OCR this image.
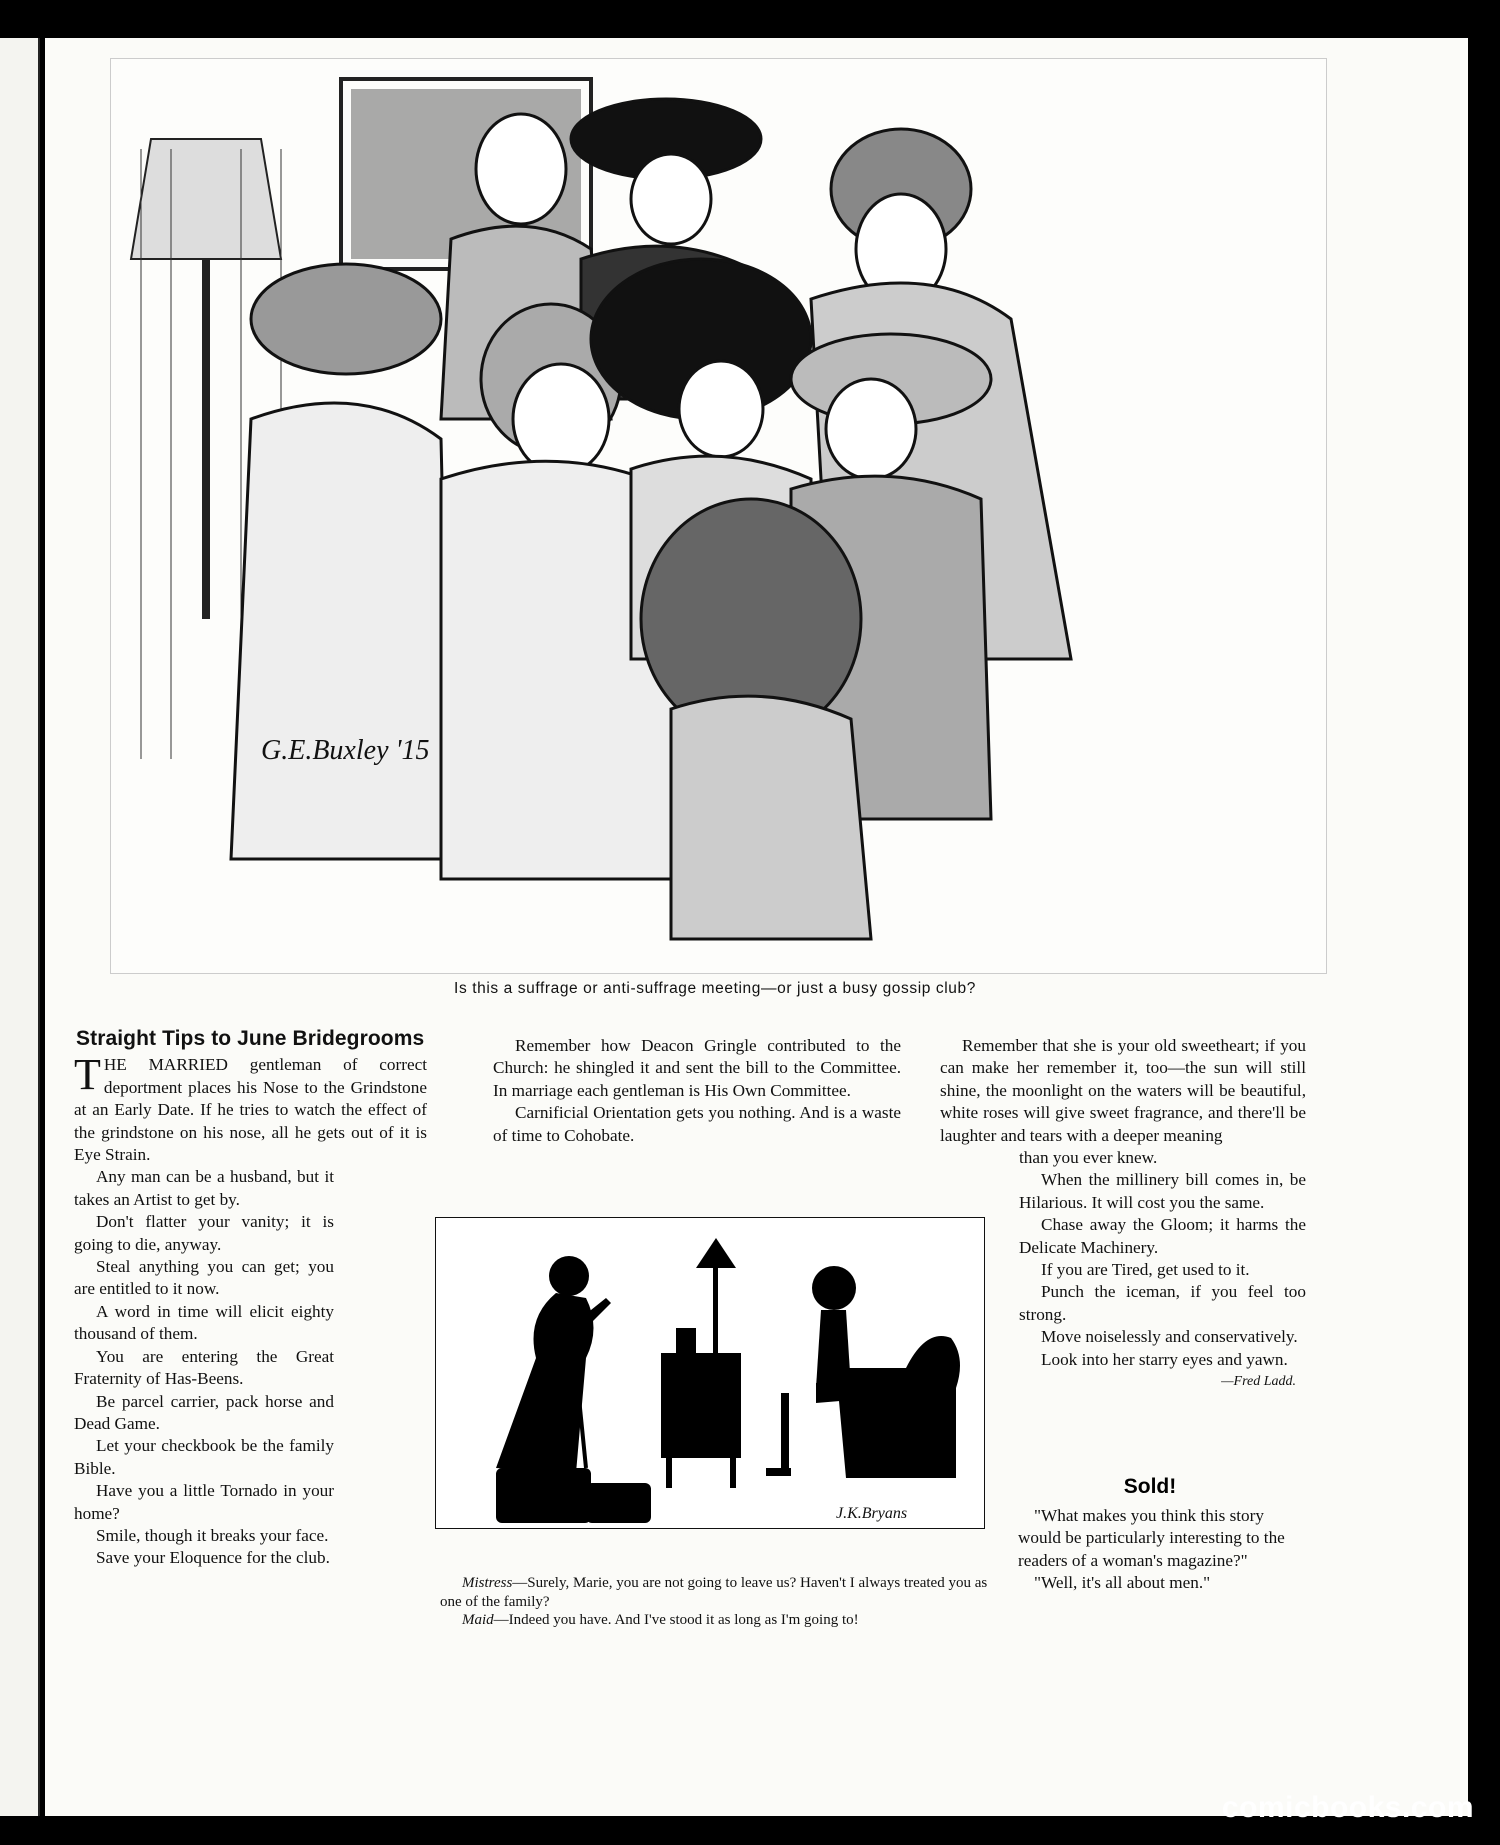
G.E.Buxley '15
Is this a suffrage or anti-suffrage meeting—or just a busy gossip club?
Straight Tips to June Bridegrooms

THE MARRIED gentleman of correct deportment places his Nose to the Grindstone at an Early Date. If he tries to watch the effect of the grindstone on his nose, all he gets out of it is Eye Strain.

Any man can be a husband, but it takes an Artist to get by.

Don't flatter your vanity; it is going to die, anyway.

Steal anything you can get; you are entitled to it now.

A word in time will elicit eighty thousand of them.

You are entering the Great Fraternity of Has-Beens.

Be parcel carrier, pack horse and Dead Game.

Let your checkbook be the family Bible.

Have you a little Tornado in your home?

Smile, though it breaks your face.

Save your Eloquence for the club.

Remember how Deacon Gringle contributed to the Church: he shingled it and sent the bill to the Committee. In marriage each gentleman is His Own Committee.

Carnificial Orientation gets you nothing. And is a waste of time to Cohobate.

Remember that she is your old sweetheart; if you can make her remember it, too—the sun will still shine, the moonlight on the waters will be beautiful, white roses will give sweet fragrance, and there'll be laughter and tears with a deeper meaning

than you ever knew.

When the millinery bill comes in, be Hilarious. It will cost you the same.

Chase away the Gloom; it harms the Delicate Machinery.

If you are Tired, get used to it.

Punch the iceman, if you feel too strong.

Move noiselessly and conservatively.

Look into her starry eyes and yawn.
—Fred Ladd.

J.K.Bryans

Mistress—Surely, Marie, you are not going to leave us? Haven't I always treated you as one of the family?

Maid—Indeed you have. And I've stood it as long as I'm going to!

Sold!

"What makes you think this story would be particularly interesting to the readers of a woman's magazine?"

"Well, it's all about men."

comicbooks.com
